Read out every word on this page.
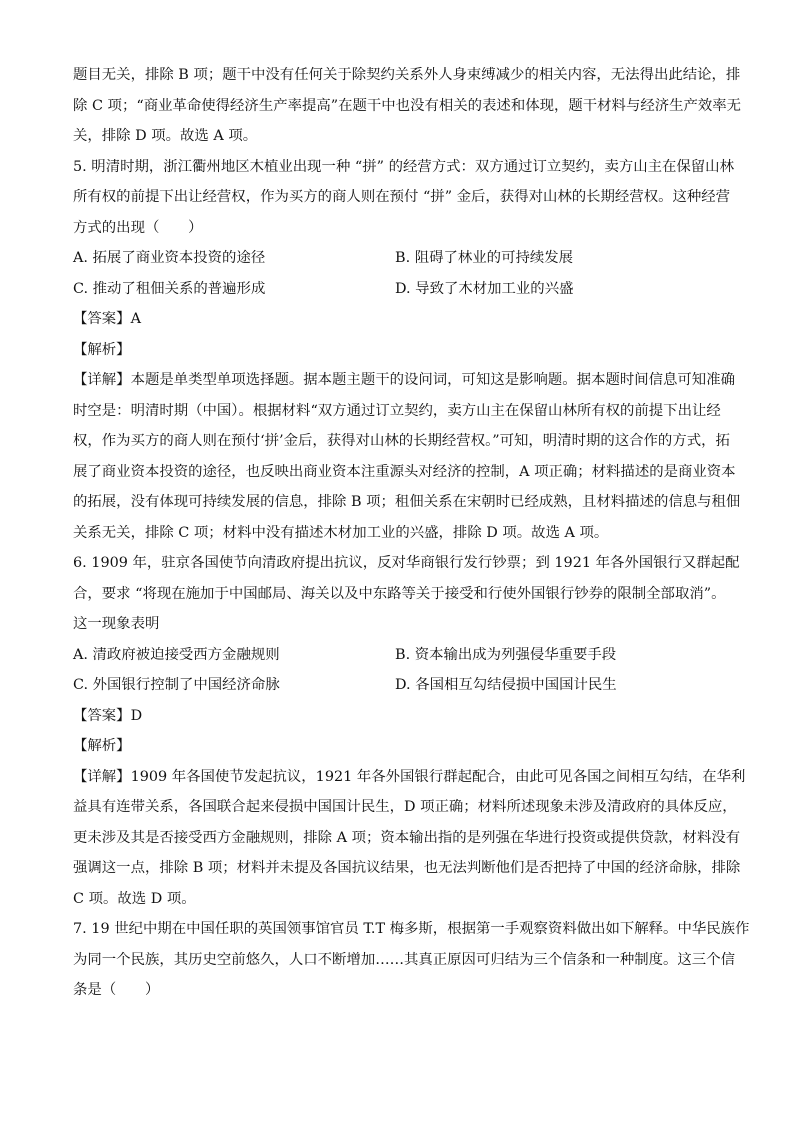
题目无关，排除 B 项；题干中没有任何关于除契约关系外人身束缚减少的相关内容，无法得出此结论，排
除 C 项；“商业革命使得经济生产率提高”在题干中也没有相关的表述和体现，题干材料与经济生产效率无
关，排除 D 项。故选 A 项。
5. 明清时期，浙江衢州地区木植业出现一种 “拼” 的经营方式：双方通过订立契约，卖方山主在保留山林
所有权的前提下出让经营权，作为买方的商人则在预付 “拼” 金后，获得对山林的长期经营权。这种经营
方式的出现（　　）
A. 拓展了商业资本投资的途径	B. 阻碍了林业的可持续发展
C. 推动了租佃关系的普遍形成	D. 导致了木材加工业的兴盛
【答案】A
【解析】
【详解】本题是单类型单项选择题。据本题主题干的设问词，可知这是影响题。据本题时间信息可知准确
时空是：明清时期（中国）。根据材料“双方通过订立契约，卖方山主在保留山林所有权的前提下出让经
权，作为买方的商人则在预付‘拼’金后，获得对山林的长期经营权。”可知，明清时期的这合作的方式，拓
展了商业资本投资的途径，也反映出商业资本注重源头对经济的控制，A 项正确；材料描述的是商业资本
的拓展，没有体现可持续发展的信息，排除 B 项；租佃关系在宋朝时已经成熟，且材料描述的信息与租佃
关系无关，排除 C 项；材料中没有描述木材加工业的兴盛，排除 D 项。故选 A 项。
6. 1909 年，驻京各国使节向清政府提出抗议，反对华商银行发行钞票；到 1921 年各外国银行又群起配
合，要求 “将现在施加于中国邮局、海关以及中东路等关于接受和行使外国银行钞券的限制全部取消”。
这一现象表明
A. 清政府被迫接受西方金融规则	B. 资本输出成为列强侵华重要手段
C. 外国银行控制了中国经济命脉	D. 各国相互勾结侵损中国国计民生
【答案】D
【解析】
【详解】1909 年各国使节发起抗议，1921 年各外国银行群起配合，由此可见各国之间相互勾结，在华利
益具有连带关系，各国联合起来侵损中国国计民生，D 项正确；材料所述现象未涉及清政府的具体反应，
更未涉及其是否接受西方金融规则，排除 A 项；资本输出指的是列强在华进行投资或提供贷款，材料没有
强调这一点，排除 B 项；材料并未提及各国抗议结果，也无法判断他们是否把持了中国的经济命脉，排除
C 项。故选 D 项。
7. 19 世纪中期在中国任职的英国领事馆官员 T.T 梅多斯，根据第一手观察资料做出如下解释。中华民族作
为同一个民族，其历史空前悠久，人口不断增加……其真正原因可归结为三个信条和一种制度。这三个信
条是（　　）
